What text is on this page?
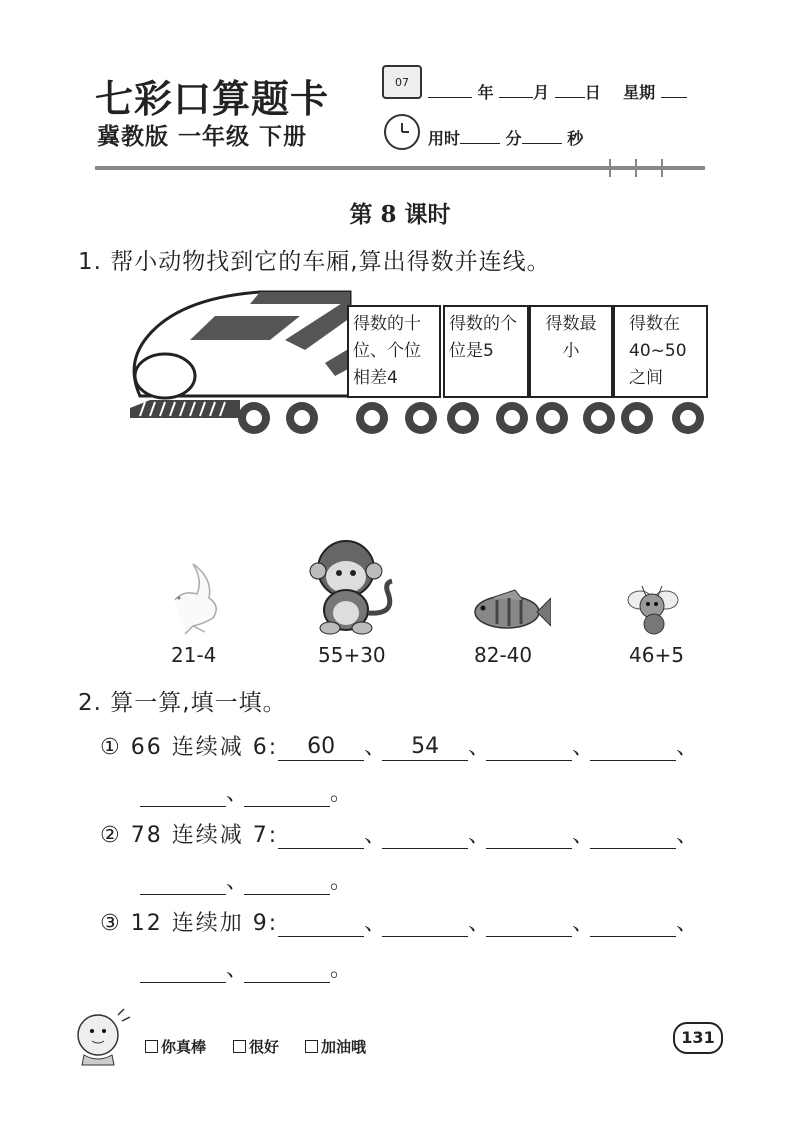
七彩口算题卡
冀教版 一年级 下册
07
年 月 日 星期
用时	分	秒
第 8 课时
1. 帮小动物找到它的车厢,算出得数并连线。
得数的十位、个位相差4
得数的个位是5
得数最小
得数在40~50之间
21-4	55+30	82-40	46+5
2. 算一算,填一填。
① 66 连续减 6: 60 、 54 、	、	、
、	。
② 78 连续减 7:	、	、	、	、
、	。
③ 12 连续加 9:	、	、	、	、
、	。
你真棒	很好	加油哦	131
